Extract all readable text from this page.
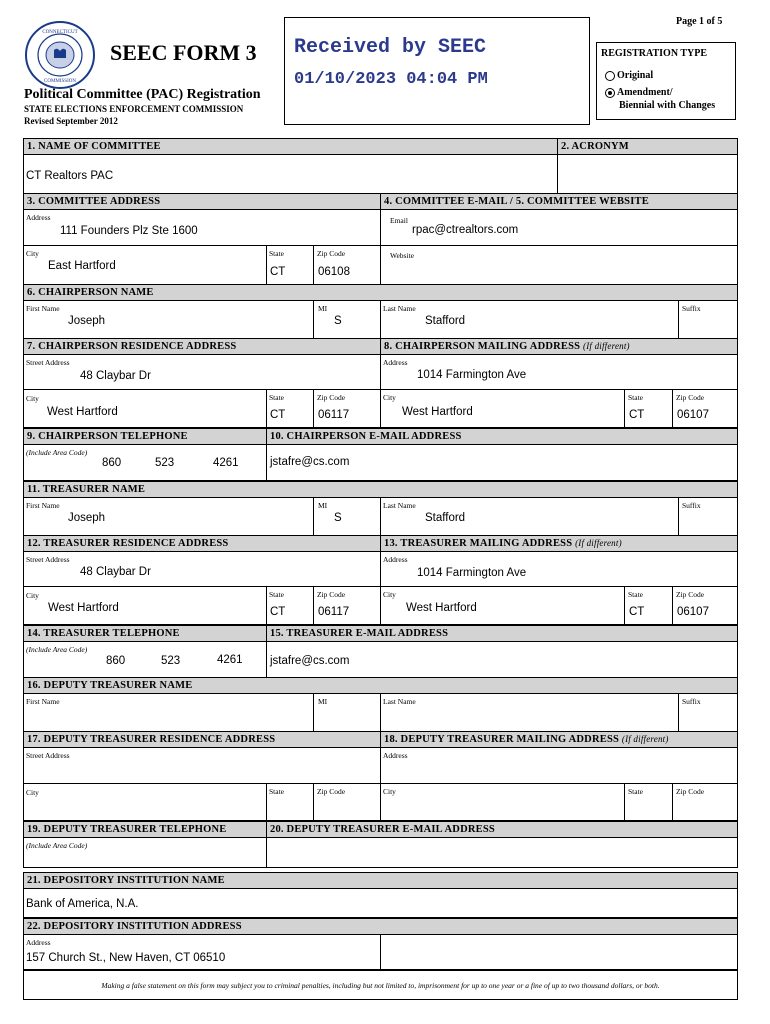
Page 1 of 5
CONNECTICUT
COMMISSION
SEEC FORM 3
Political Committee (PAC) Registration
STATE ELECTIONS ENFORCEMENT COMMISSION
Revised September 2012
Received by SEEC
01/10/2023 04:04 PM
REGISTRATION TYPE
Original
Amendment/
Biennial with Changes
1. NAME OF COMMITTEE	2. ACRONYM
CT Realtors PAC
3. COMMITTEE ADDRESS	4. COMMITTEE E-MAIL / 5. COMMITTEE WEBSITE
Address
111 Founders Plz Ste 1600
Email
rpac@ctrealtors.com
City
East Hartford
State
CT
Zip Code
06108
Website
6. CHAIRPERSON NAME
First Name
Joseph
MI
S
Last Name
Stafford
Suffix
7. CHAIRPERSON RESIDENCE ADDRESS	8. CHAIRPERSON MAILING ADDRESS (If different)
Street Address
48 Claybar Dr
Address
1014 Farmington Ave
City
West Hartford
State
CT
Zip Code
06117
City
West Hartford
State
CT
Zip Code
06107
9. CHAIRPERSON TELEPHONE	10. CHAIRPERSON E-MAIL ADDRESS
(Include Area Code)
860	523	4261	jstafre@cs.com
11. TREASURER NAME
First Name
Joseph
MI
S
Last Name
Stafford
Suffix
12. TREASURER RESIDENCE ADDRESS	13. TREASURER MAILING ADDRESS (If different)
Street Address
48 Claybar Dr
Address
1014 Farmington Ave
City
West Hartford
State
CT
Zip Code
06117
City
West Hartford
State
CT
Zip Code
06107
14. TREASURER TELEPHONE	15. TREASURER E-MAIL ADDRESS
(Include Area Code)
860	523	4261 jstafre@cs.com
16. DEPUTY TREASURER NAME
First Name	MI	Last Name	Suffix
17. DEPUTY TREASURER RESIDENCE ADDRESS	18. DEPUTY TREASURER MAILING ADDRESS (If different)
Street Address	Address
City	State	Zip Code	City	State	Zip Code
19. DEPUTY TREASURER TELEPHONE	20. DEPUTY TREASURER E-MAIL ADDRESS
(Include Area Code)
21. DEPOSITORY INSTITUTION NAME
Bank of America, N.A.
22. DEPOSITORY INSTITUTION ADDRESS
Address
157 Church St., New Haven, CT 06510
Making a false statement on this form may subject you to criminal penalties, including but not limited to, imprisonment for up to one year or a fine of up to two thousand dollars, or both.
